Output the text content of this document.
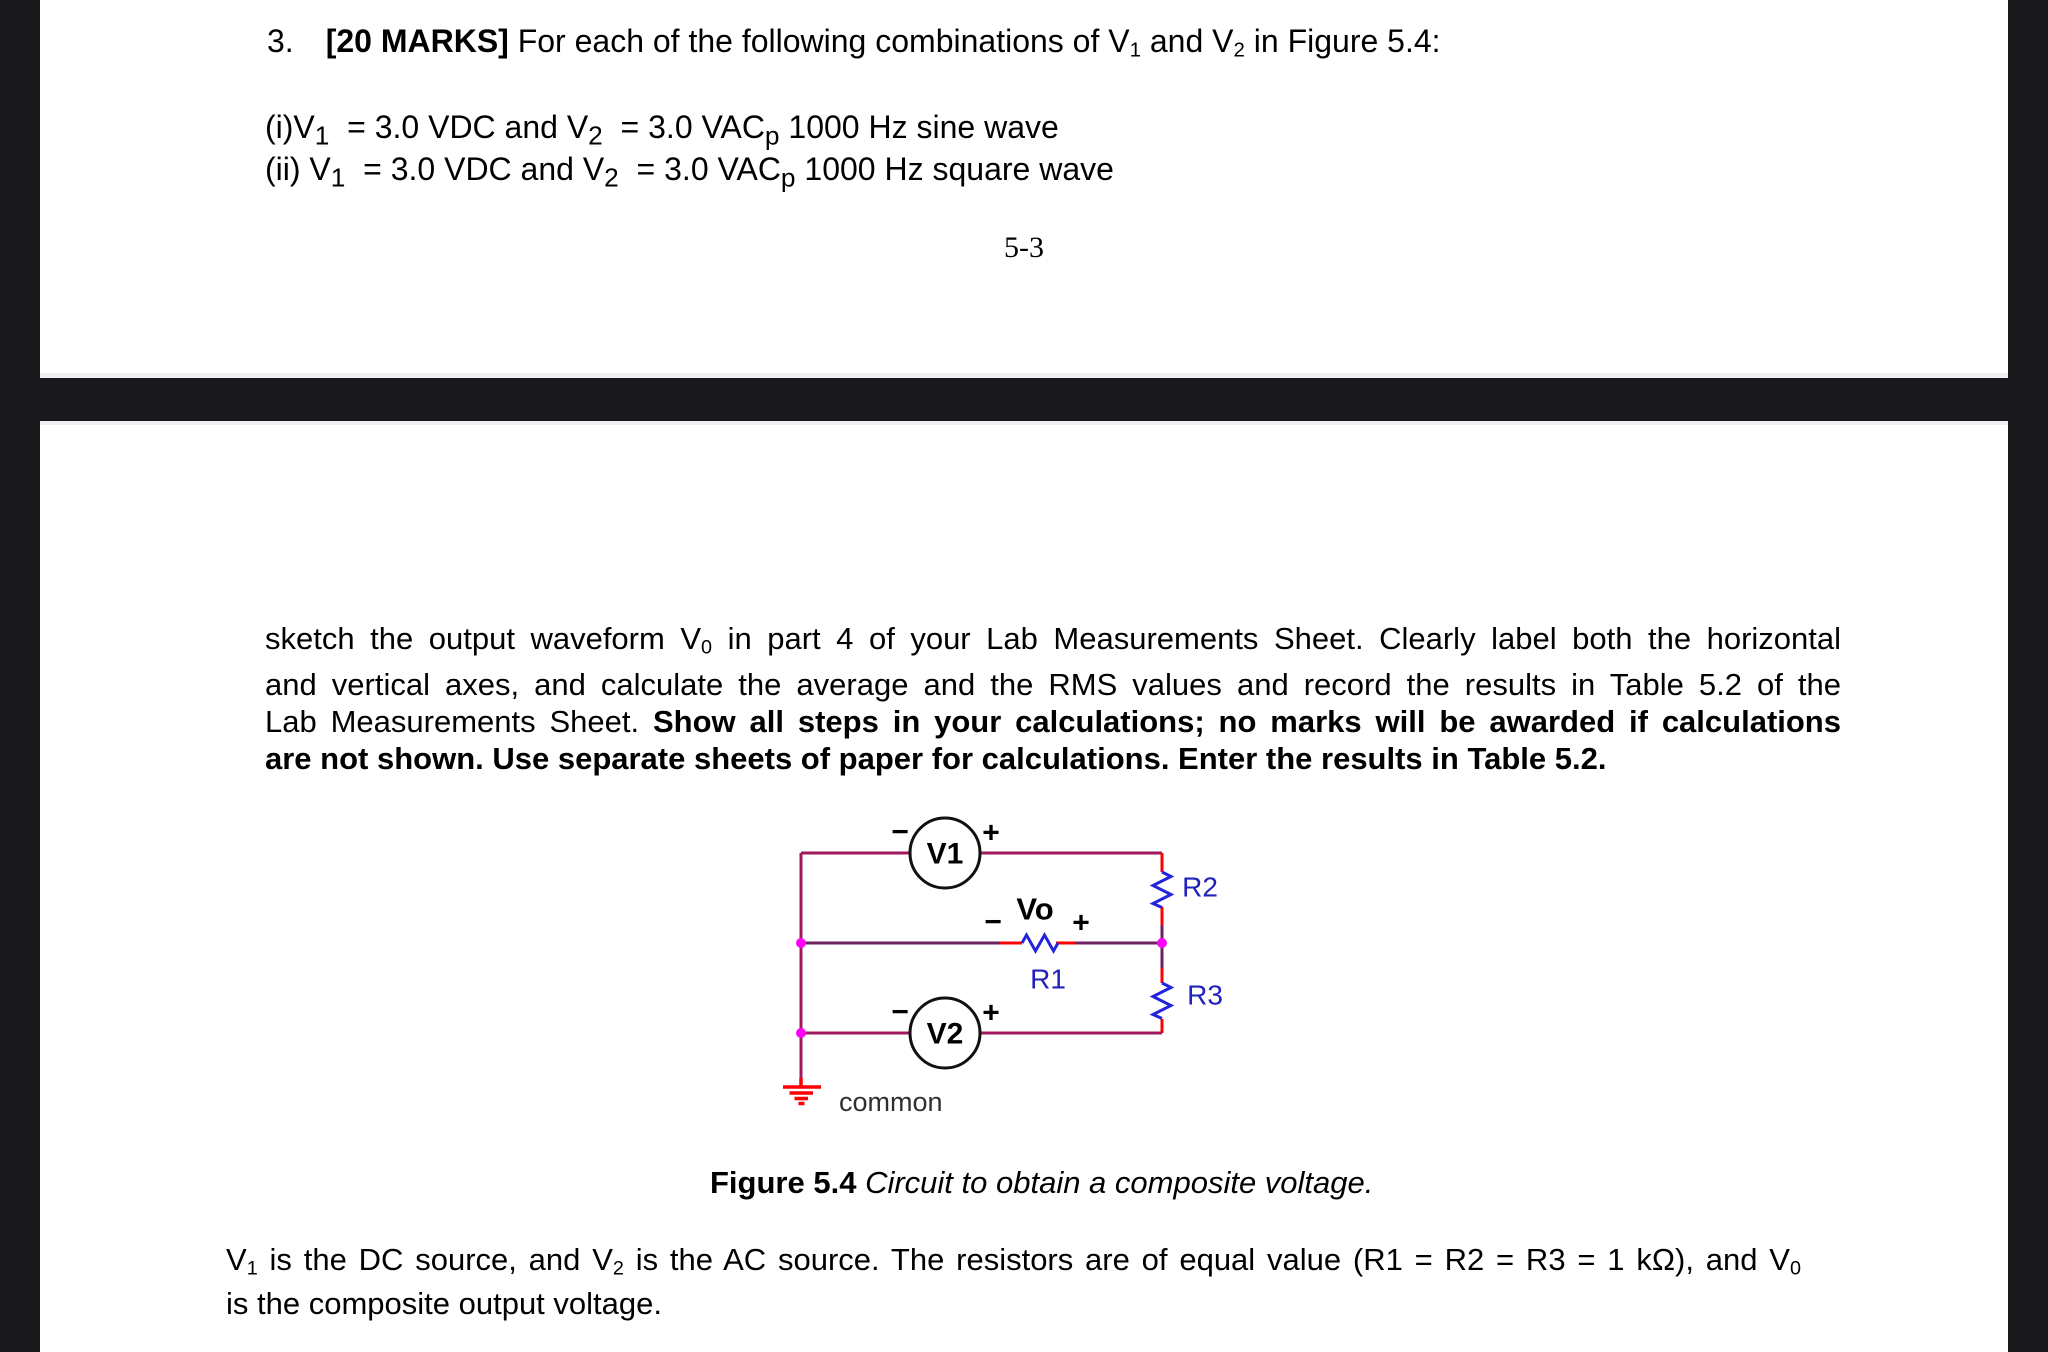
3. [20 MARKS] For each of the following combinations of V1 and V2 in Figure 5.4:
(i)V1  = 3.0 VDC and V2  = 3.0 VACp 1000 Hz sine wave
(ii) V1  = 3.0 VDC and V2  = 3.0 VACp 1000 Hz square wave
5-3
sketch the output waveform V0 in part 4 of your Lab Measurements Sheet. Clearly label both the horizontal
and vertical axes, and calculate the average and the RMS values and record the results in Table 5.2 of the
Lab Measurements Sheet. Show all steps in your calculations; no marks will be awarded if calculations
are not shown. Use separate sheets of paper for calculations. Enter the results in Table 5.2.
V1
V2
− +
− +
Vo
− +
R1
R2
R3
common
Figure 5.4 Circuit to obtain a composite voltage.
V1 is the DC source, and V2 is the AC source. The resistors are of equal value (R1 = R2 = R3 = 1 kΩ), and V0
is the composite output voltage.
